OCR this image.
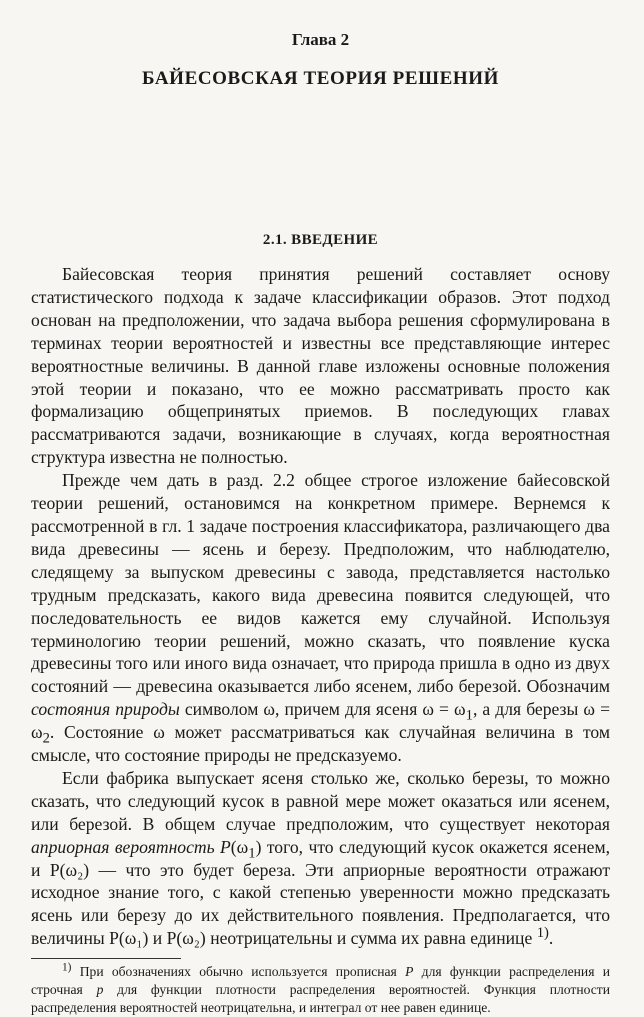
Глава 2
БАЙЕСОВСКАЯ ТЕОРИЯ РЕШЕНИЙ
2.1. ВВЕДЕНИЕ

Байесовская теория принятия решений составляет основу статистического подхода к задаче классификации образов. Этот подход основан на предположении, что задача выбора решения сформулирована в терминах теории вероятностей и известны все представляющие интерес вероятностные величины. В данной главе изложены основные положения этой теории и показано, что ее можно рассматривать просто как формализацию общепринятых приемов. В последующих главах рассматриваются задачи, возникающие в случаях, когда вероятностная структура известна не полностью.

Прежде чем дать в разд. 2.2 общее строгое изложение байесовской теории решений, остановимся на конкретном примере. Вернемся к рассмотренной в гл. 1 задаче построения классификатора, различающего два вида древесины — ясень и березу. Предположим, что наблюдателю, следящему за выпуском древесины с завода, представляется настолько трудным предсказать, какого вида древесина появится следующей, что последовательность ее видов кажется ему случайной. Используя терминологию теории решений, можно сказать, что появление куска древесины того или иного вида означает, что природа пришла в одно из двух состояний — древесина оказывается либо ясенем, либо березой. Обозначим состояния природы символом ω, причем для ясеня $\omega = \omega_1$, а для березы $\omega = \omega_2$. Состояние ω может рассматриваться как случайная величина в том смысле, что состояние природы не предсказуемо.

Если фабрика выпускает ясеня столько же, сколько березы, то можно сказать, что следующий кусок в равной мере может оказаться или ясенем, или березой. В общем случае предположим, что существует некоторая априорная вероятность $P(\omega_1)$ того, что следующий кусок окажется ясенем, и P(ω₂) — что это будет береза. Эти априорные вероятности отражают исходное знание того, с какой степенью уверенности можно предсказать ясень или березу до их действительного появления. Предполагается, что величины P(ω₁) и P(ω₂) неотрицательны и сумма их равна единице $^{1)}$.

$^{1)}$ При обозначениях обычно используется прописная P для функции распределения и строчная p для функции плотности распределения вероятностей. Функция плотности распределения вероятностей неотрицательна, и интеграл от нее равен единице.
